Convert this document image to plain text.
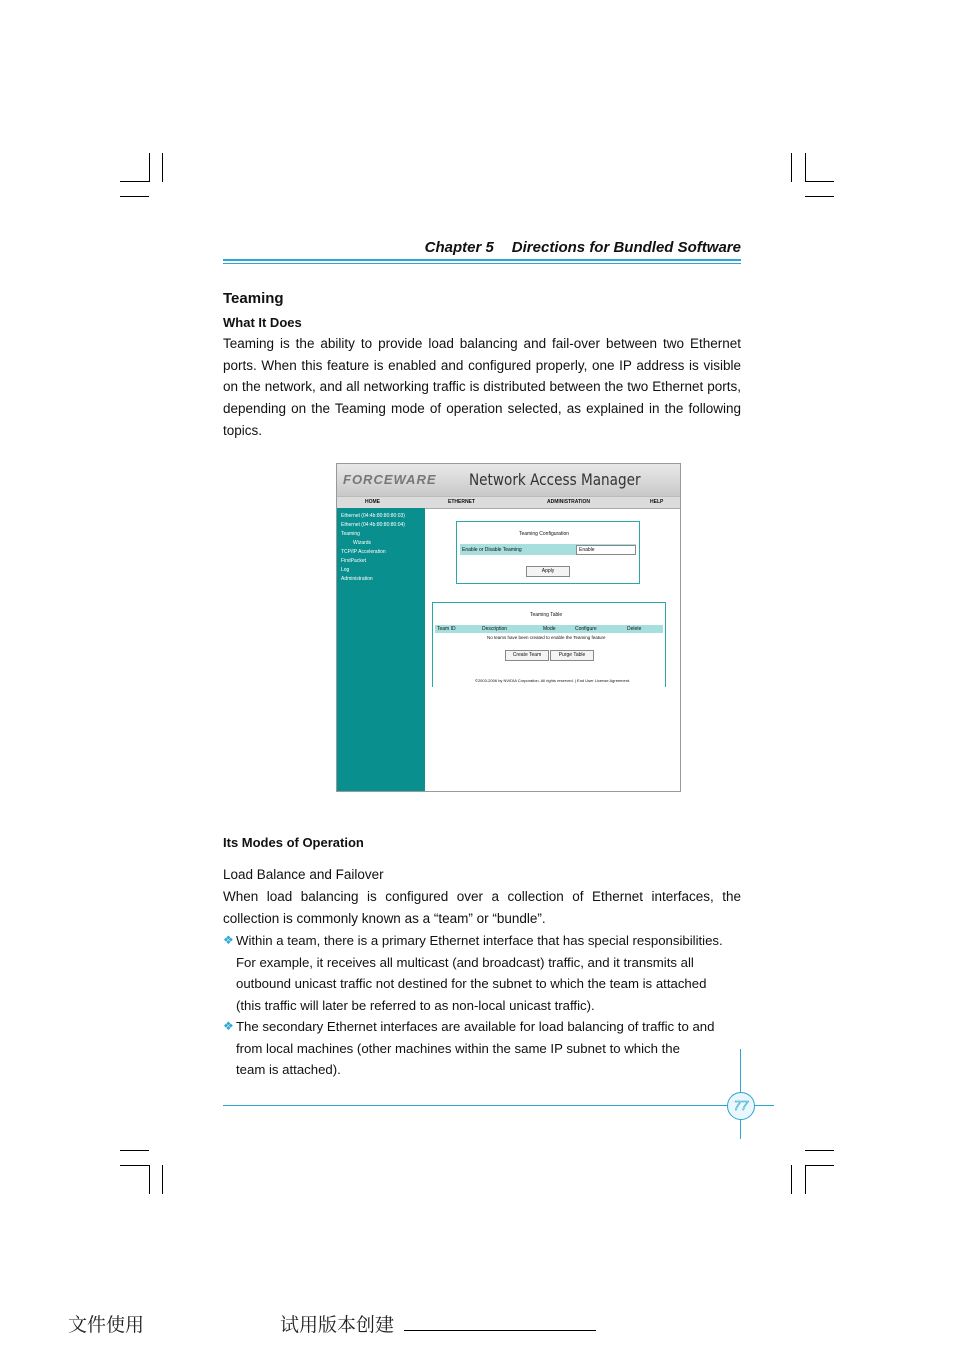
Chapter 5 Directions for Bundled Software
Teaming
What It Does
Teaming is the ability to provide load balancing and fail-over between two Ethernet ports. When this feature is enabled and configured properly, one IP address is visible on the network, and all networking traffic is distributed between the two Ethernet ports, depending on the Teaming mode of operation selected, as explained in the following topics.
FORCEWARE Network Access Manager
HOME	ETHERNET	ADMINISTRATION	HELP
Ethernet (04:4b:80:80:80:03)
Ethernet (04:4b:80:80:80:04)
Teaming
Wizards
TCP/IP Acceleration
FirstPacket
Log
Administration
Teaming Configuration
Enable or Disable Teaming	Enable
Apply
Teaming Table
Team ID	Description	Mode	Configure	Delete
No teams have been created to enable the Teaming feature
Create Team	Purge Table
©2003-2006 by NVIDIA Corporation. All rights reserved. | End User License Agreement.
Its Modes of Operation
Load Balance and Failover
When load balancing is configured over a collection of Ethernet interfaces, the collection is commonly known as a “team” or “bundle”.
❖ Within a team, there is a primary Ethernet interface that has special responsibilities.
For example, it receives all multicast (and broadcast) traffic, and it transmits all
outbound unicast traffic not destined for the subnet to which the team is attached
(this traffic will later be referred to as non-local unicast traffic).
❖ The secondary Ethernet interfaces are available for load balancing of traffic to and
from local machines (other machines within the same IP subnet to which the
team is attached).
77
文件使用	试用版本创建
